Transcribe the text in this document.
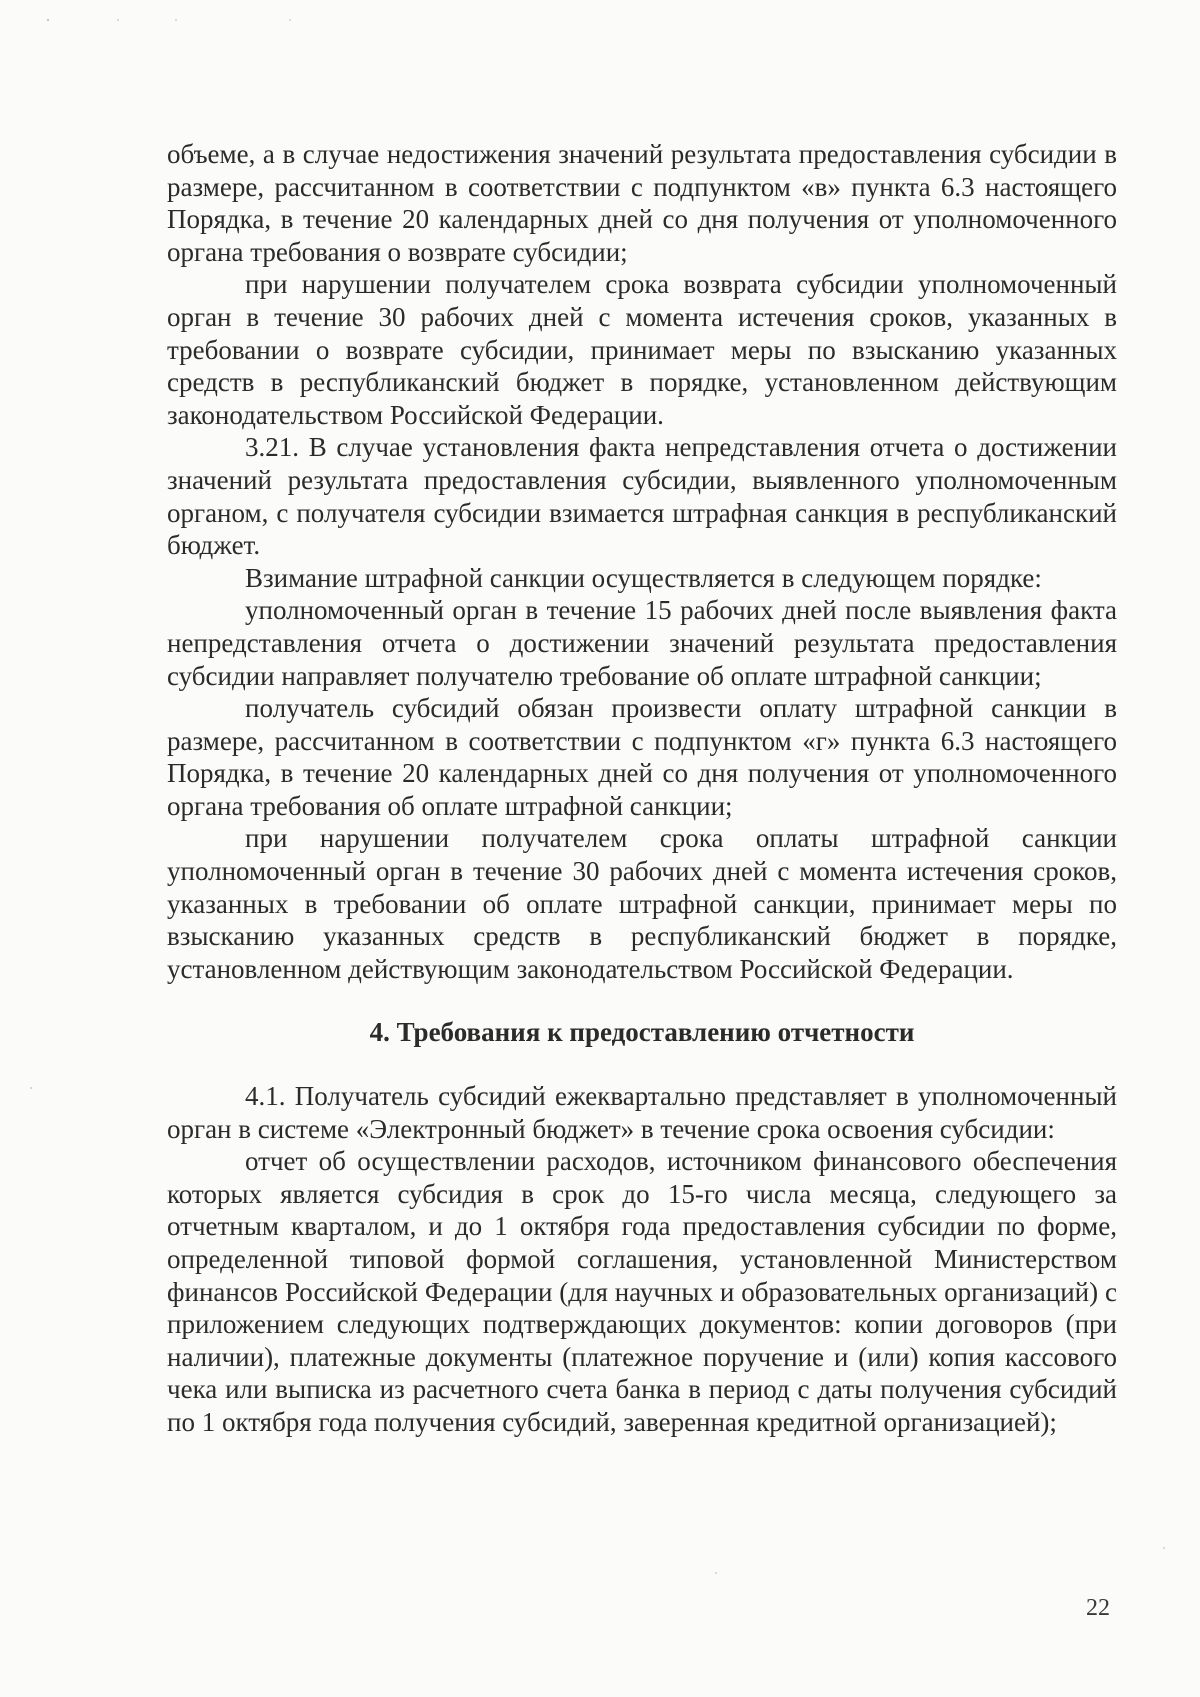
объеме, а в случае недостижения значений результата предоставления субсидии в размере, рассчитанном в соответствии с подпунктом «в» пункта 6.3 настоящего Порядка, в течение 20 календарных дней со дня получения от уполномоченного органа требования о возврате субсидии;

при нарушении получателем срока возврата субсидии уполномоченный орган в течение 30 рабочих дней с момента истечения сроков, указанных в требовании о возврате субсидии, принимает меры по взысканию указанных средств в республиканский бюджет в порядке, установленном действующим законодательством Российской Федерации.

3.21. В случае установления факта непредставления отчета о достижении значений результата предоставления субсидии, выявленного уполномоченным органом, с получателя субсидии взимается штрафная санкция в республиканский бюджет.

Взимание штрафной санкции осуществляется в следующем порядке:

уполномоченный орган в течение 15 рабочих дней после выявления факта непредставления отчета о достижении значений результата предоставления субсидии направляет получателю требование об оплате штрафной санкции;

получатель субсидий обязан произвести оплату штрафной санкции в размере, рассчитанном в соответствии с подпунктом «г» пункта 6.3 настоящего Порядка, в течение 20 календарных дней со дня получения от уполномоченного органа требования об оплате штрафной санкции;

при нарушении получателем срока оплаты штрафной санкции уполномоченный орган в течение 30 рабочих дней с момента истечения сроков, указанных в требовании об оплате штрафной санкции, принимает меры по взысканию указанных средств в республиканский бюджет в порядке, установленном действующим законодательством Российской Федерации.

4. Требования к предоставлению отчетности

4.1. Получатель субсидий ежеквартально представляет в уполномоченный орган в системе «Электронный бюджет» в течение срока освоения субсидии:

отчет об осуществлении расходов, источником финансового обеспечения которых является субсидия в срок до 15-го числа месяца, следующего за отчетным кварталом, и до 1 октября года предоставления субсидии по форме, определенной типовой формой соглашения, установленной Министерством финансов Российской Федерации (для научных и образовательных организаций) с приложением следующих подтверждающих документов: копии договоров (при наличии), платежные документы (платежное поручение и (или) копия кассового чека или выписка из расчетного счета банка в период с даты получения субсидий по 1 октября года получения субсидий, заверенная кредитной организацией);

22
